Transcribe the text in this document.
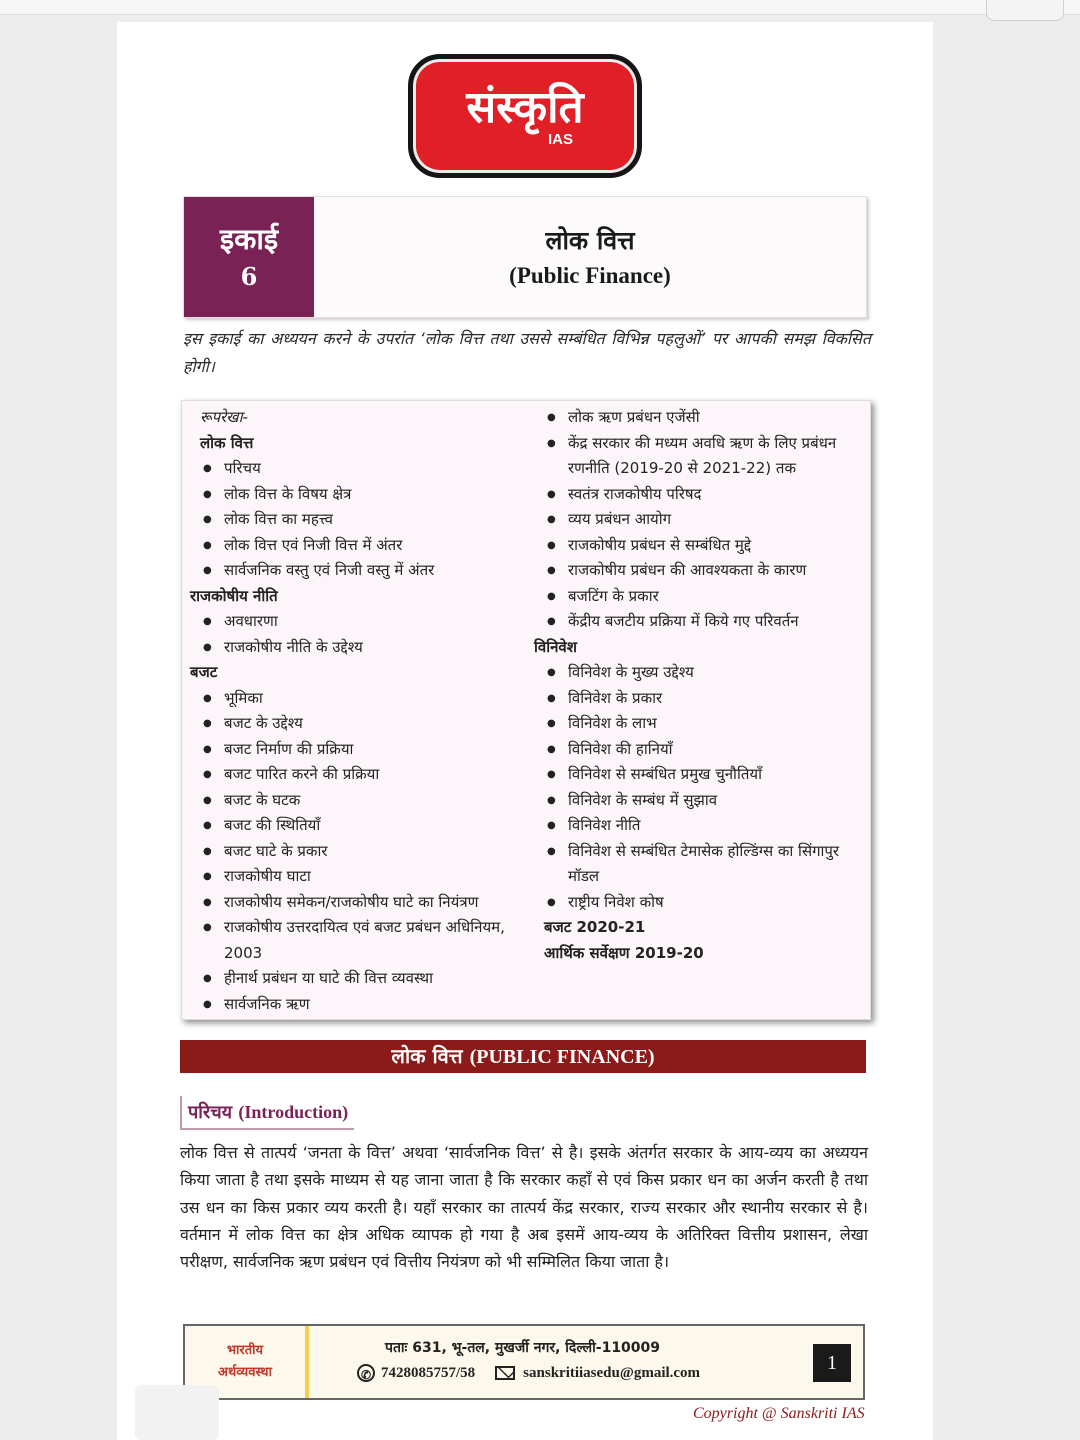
संस्कृति
IAS
इकाई
6
लोक वित्त
(Public Finance)
इस इकाई का अध्ययन करने के उपरांत ‘लोक वित्त तथा उससे सम्बंधित विभिन्न पहलुओं’ पर आपकी समझ विकसित होगी।
रूपरेखा-
लोक वित्त
● परिचय
● लोक वित्त के विषय क्षेत्र
● लोक वित्त का महत्त्व
● लोक वित्त एवं निजी वित्त में अंतर
● सार्वजनिक वस्तु एवं निजी वस्तु में अंतर
राजकोषीय नीति
● अवधारणा
● राजकोषीय नीति के उद्देश्य
बजट
● भूमिका
● बजट के उद्देश्य
● बजट निर्माण की प्रक्रिया
● बजट पारित करने की प्रक्रिया
● बजट के घटक
● बजट की स्थितियाँ
● बजट घाटे के प्रकार
● राजकोषीय घाटा
● राजकोषीय समेकन/राजकोषीय घाटे का नियंत्रण
● राजकोषीय उत्तरदायित्व एवं बजट प्रबंधन अधिनियम, 2003
● हीनार्थ प्रबंधन या घाटे की वित्त व्यवस्था
● सार्वजनिक ऋण
● लोक ऋण प्रबंधन एजेंसी
● केंद्र सरकार की मध्यम अवधि ऋण के लिए प्रबंधन रणनीति (2019-20 से 2021-22) तक
● स्वतंत्र राजकोषीय परिषद
● व्यय प्रबंधन आयोग
● राजकोषीय प्रबंधन से सम्बंधित मुद्दे
● राजकोषीय प्रबंधन की आवश्यकता के कारण
● बजटिंग के प्रकार
● केंद्रीय बजटीय प्रक्रिया में किये गए परिवर्तन
विनिवेश
● विनिवेश के मुख्य उद्देश्य
● विनिवेश के प्रकार
● विनिवेश के लाभ
● विनिवेश की हानियाँ
● विनिवेश से सम्बंधित प्रमुख चुनौतियाँ
● विनिवेश के सम्बंध में सुझाव
● विनिवेश नीति
● विनिवेश से सम्बंधित टेमासेक होल्डिंग्स का सिंगापुर मॉडल
● राष्ट्रीय निवेश कोष
बजट 2020-21
आर्थिक सर्वेक्षण 2019-20
लोक वित्त (PUBLIC FINANCE)
परिचय (Introduction)
लोक वित्त से तात्पर्य ‘जनता के वित्त’ अथवा ‘सार्वजनिक वित्त’ से है। इसके अंतर्गत सरकार के आय-व्यय का अध्ययन किया जाता है तथा इसके माध्यम से यह जाना जाता है कि सरकार कहाँ से एवं किस प्रकार धन का अर्जन करती है तथा उस धन का किस प्रकार व्यय करती है। यहाँ सरकार का तात्पर्य केंद्र सरकार, राज्य सरकार और स्थानीय सरकार से है। वर्तमान में लोक वित्त का क्षेत्र अधिक व्यापक हो गया है अब इसमें आय-व्यय के अतिरिक्त वित्तीय प्रशासन, लेखा परीक्षण, सार्वजनिक ऋण प्रबंधन एवं वित्तीय नियंत्रण को भी सम्मिलित किया जाता है।
भारतीय
अर्थव्यवस्था
पताः 631, भू-तल, मुखर्जी नगर, दिल्ली-110009
✆ 7428085757/58	sanskritiiasedu@gmail.com	1
Copyright @ Sanskriti IAS
